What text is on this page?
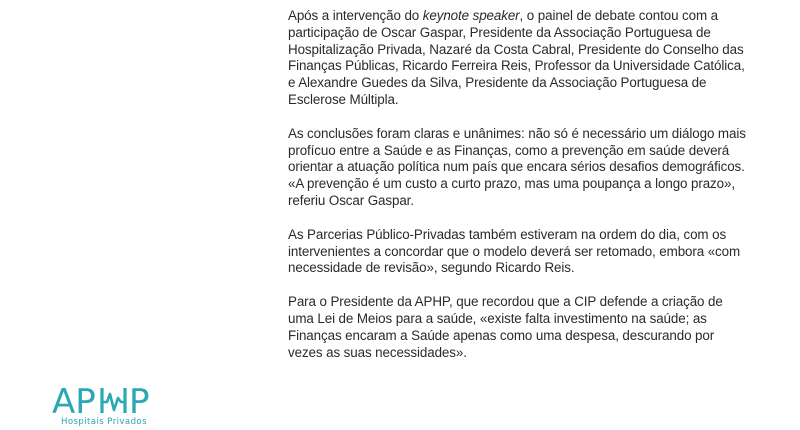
Após a intervenção do keynote speaker, o painel de debate contou com a participação de Oscar Gaspar, Presidente da Associação Portuguesa de Hospitalização Privada, Nazaré da Costa Cabral, Presidente do Conselho das Finanças Públicas, Ricardo Ferreira Reis, Professor da Universidade Católica, e Alexandre Guedes da Silva, Presidente da Associação Portuguesa de Esclerose Múltipla.

As conclusões foram claras e unânimes: não só é necessário um diálogo mais profícuo entre a Saúde e as Finanças, como a prevenção em saúde deverá orientar a atuação política num país que encara sérios desafios demográficos. «A prevenção é um custo a curto prazo, mas uma poupança a longo prazo», referiu Oscar Gaspar.

As Parcerias Público-Privadas também estiveram na ordem do dia, com os intervenientes a concordar que o modelo deverá ser retomado, embora «com necessidade de revisão», segundo Ricardo Reis.

Para o Presidente da APHP, que recordou que a CIP defende a criação de uma Lei de Meios para a saúde, «existe falta investimento na saúde; as Finanças encaram a Saúde apenas como uma despesa, descurando por vezes as suas necessidades».

AP P
Hospitais Privados
